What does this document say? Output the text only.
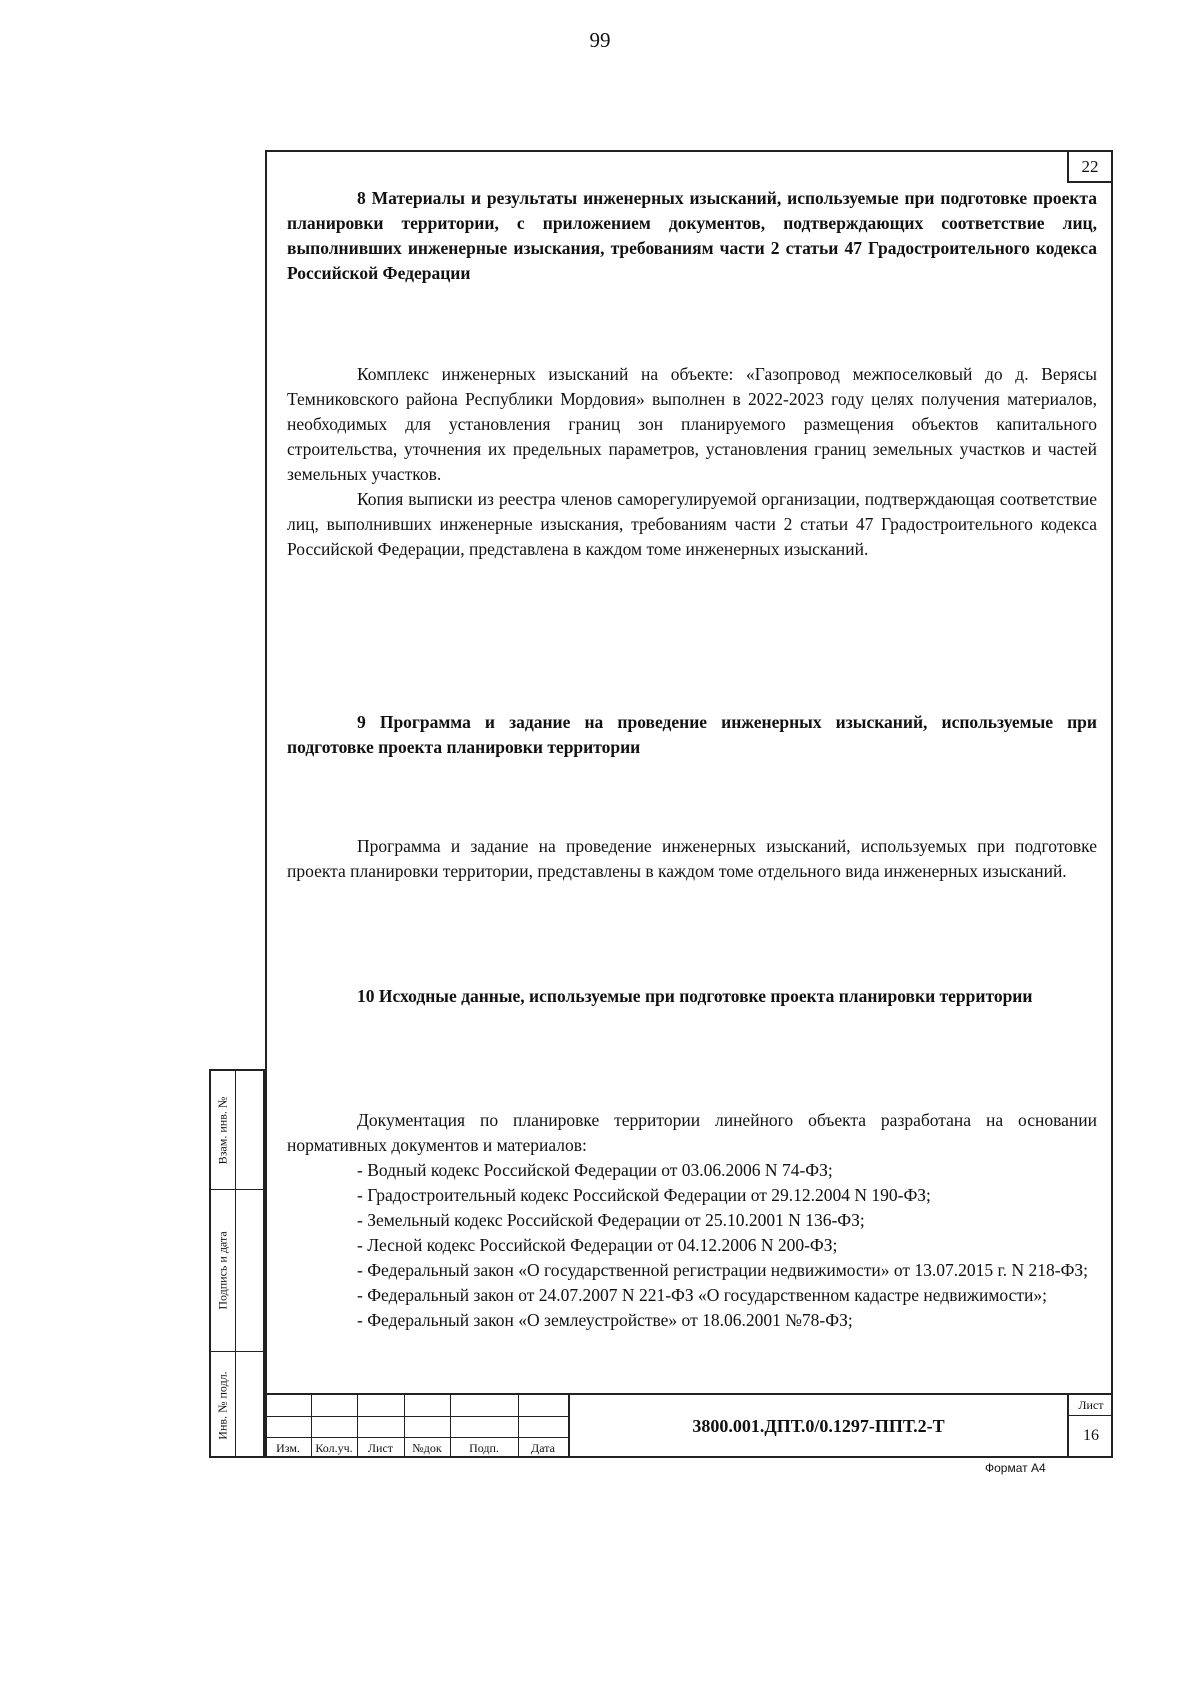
99
22
8 Материалы и результаты инженерных изысканий, используемые при подготовке проекта планировки территории, с приложением документов, подтверждающих соответствие лиц, выполнивших инженерные изыскания, требованиям части 2 статьи 47 Градостроительного кодекса Российской Федерации

Комплекс инженерных изысканий на объекте: «Газопровод межпоселковый до д. Верясы Темниковского района Республики Мордовия» выполнен в 2022-2023 году целях получения материалов, необходимых для установления границ зон планируемого размещения объектов капитального строительства, уточнения их предельных параметров, установления границ земельных участков и частей земельных участков.

Копия выписки из реестра членов саморегулируемой организации, подтверждающая соответствие лиц, выполнивших инженерные изыскания, требованиям части 2 статьи 47 Градостроительного кодекса Российской Федерации, представлена в каждом томе инженерных изысканий.

9 Программа и задание на проведение инженерных изысканий, используемые при подготовке проекта планировки территории

Программа и задание на проведение инженерных изысканий, используемых при подготовке проекта планировки территории, представлены в каждом томе отдельного вида инженерных изысканий.

10 Исходные данные, используемые при подготовке проекта планировки территории

Документация по планировке территории линейного объекта разработана на основании нормативных документов и материалов:

- Водный кодекс Российской Федерации от 03.06.2006 N 74-ФЗ;
- Градостроительный кодекс Российской Федерации от 29.12.2004 N 190-ФЗ;
- Земельный кодекс Российской Федерации от 25.10.2001 N 136-ФЗ;
- Лесной кодекс Российской Федерации от 04.12.2006 N 200-ФЗ;
- Федеральный закон «О государственной регистрации недвижимости» от 13.07.2015 г. N 218-ФЗ;
- Федеральный закон от 24.07.2007 N 221-ФЗ «О государственном кадастре недвижимости»;
- Федеральный закон «О землеустройстве» от 18.06.2001 №78-ФЗ;
Взам. инв. №
Подпись и дата
Инв. № подл.
Изм.	Кол.уч.	Лист	№док	Подп.	Дата
3800.001.ДПТ.0/0.1297-ППТ.2-Т
Лист
16
Формат А4
